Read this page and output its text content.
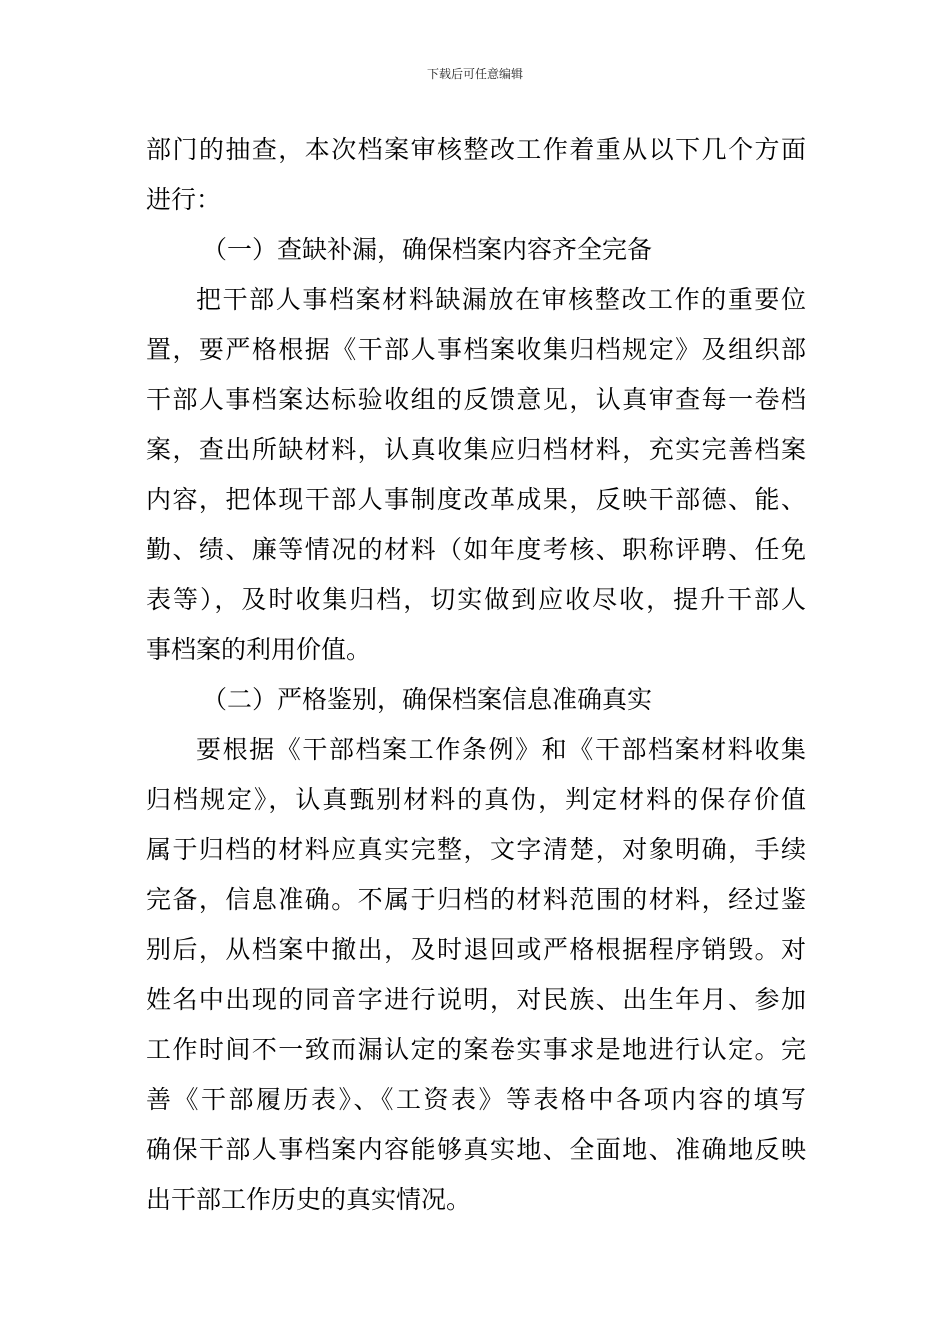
下载后可任意编辑
部门的抽查，本次档案审核整改工作着重从以下几个方面
进行：
（一）查缺补漏，确保档案内容齐全完备
把干部人事档案材料缺漏放在审核整改工作的重要位
置，要严格根据《干部人事档案收集归档规定》及组织部
干部人事档案达标验收组的反馈意见，认真审查每一卷档
案，查出所缺材料，认真收集应归档材料，充实完善档案
内容，把体现干部人事制度改革成果，反映干部德、能、
勤、绩、廉等情况的材料（如年度考核、职称评聘、任免
表等），及时收集归档，切实做到应收尽收，提升干部人
事档案的利用价值。
（二）严格鉴别，确保档案信息准确真实
要根据《干部档案工作条例》和《干部档案材料收集
归档规定》，认真甄别材料的真伪，判定材料的保存价值
属于归档的材料应真实完整，文字清楚，对象明确，手续
完备，信息准确。不属于归档的材料范围的材料，经过鉴
别后，从档案中撤出，及时退回或严格根据程序销毁。对
姓名中出现的同音字进行说明，对民族、出生年月、参加
工作时间不一致而漏认定的案卷实事求是地进行认定。完
善《干部履历表》、《工资表》等表格中各项内容的填写
确保干部人事档案内容能够真实地、全面地、准确地反映
出干部工作历史的真实情况。
